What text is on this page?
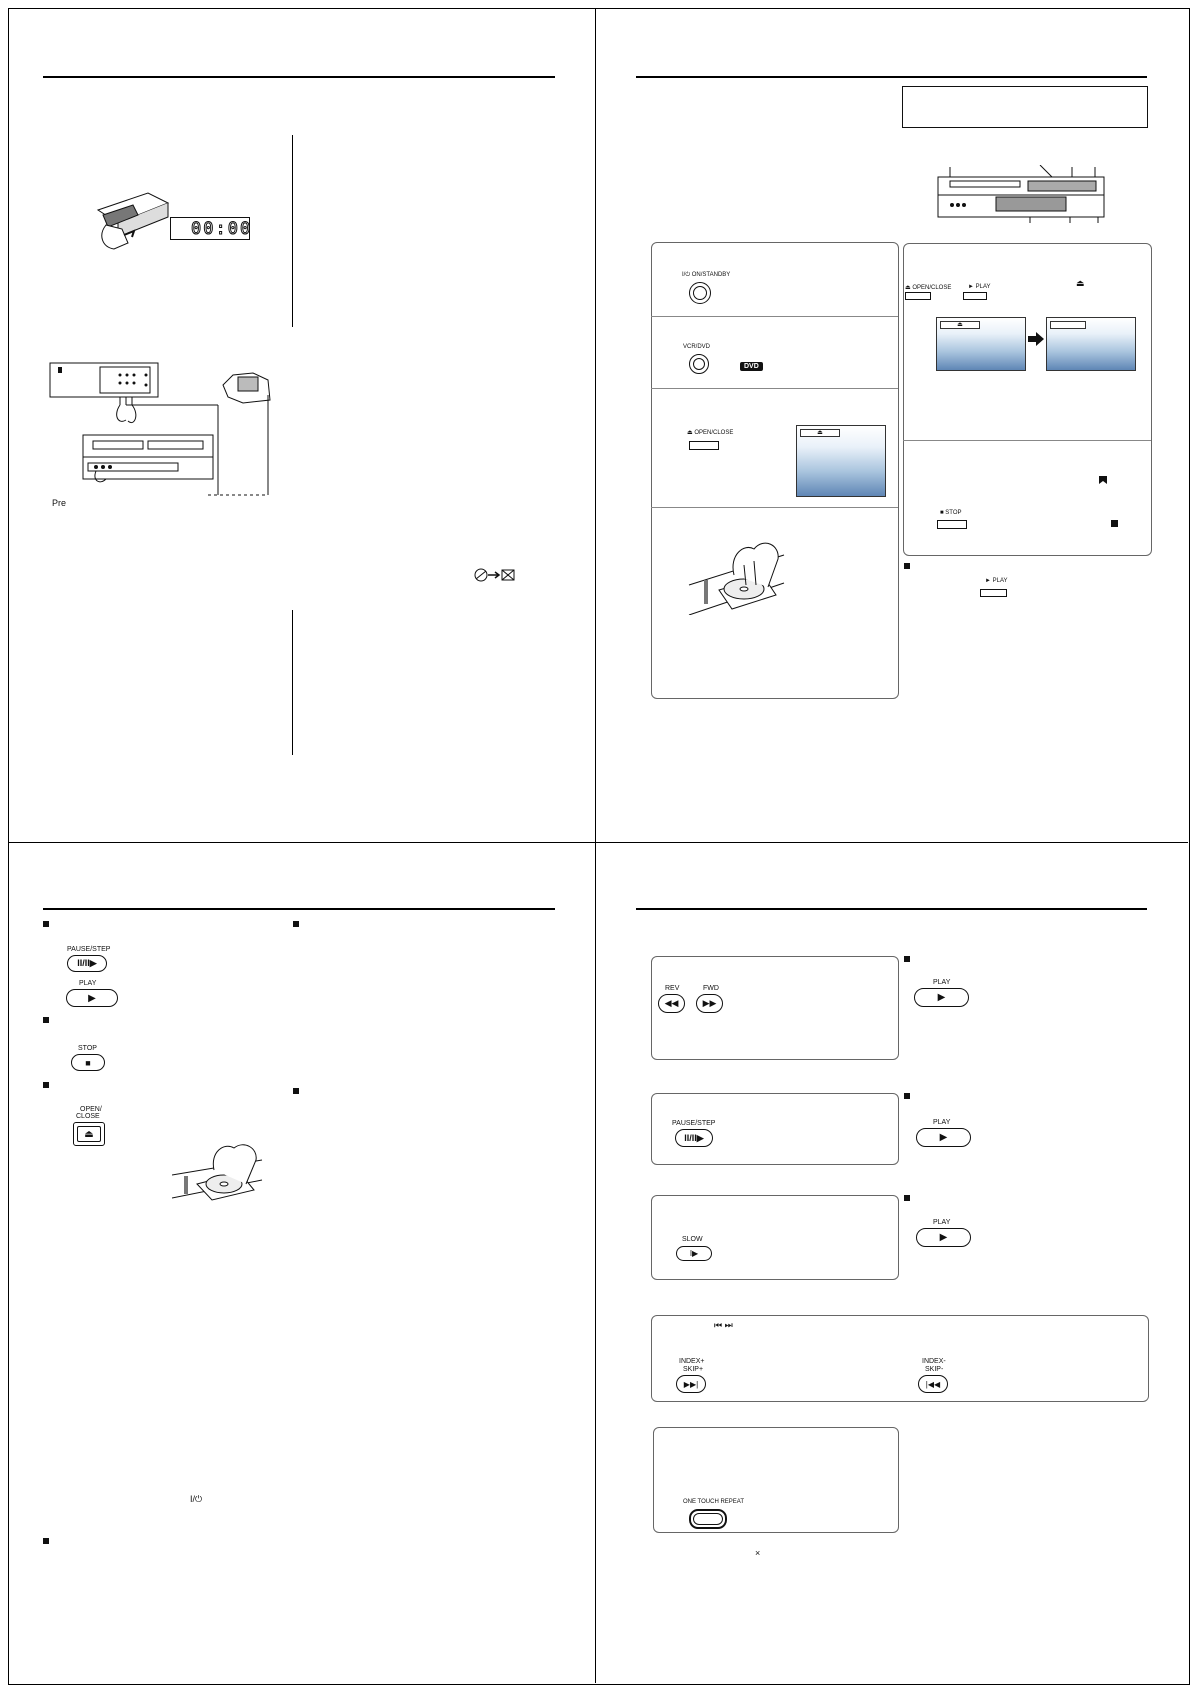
00:00
Pre
I/⏻ ON/STANDBY
VCR/DVD
DVD
⏏ OPEN/CLOSE	⏏
⏏ OPEN/CLOSE	► PLAY	⏏
⏏
■ STOP
► PLAY
PAUSE/STEP
II/II▶
PLAY
▶
STOP
■
OPEN/
CLOSE
⏏
I/⏻
REV
◀◀
FWD
▶▶
PLAY
▶
PAUSE/STEP
II/II▶
PLAY
▶
SLOW
I▶
PLAY
▶
⏮ ⏭
INDEX+
SKIP+
▶▶|
INDEX-
SKIP-
|◀◀
ONE TOUCH REPEAT
×
